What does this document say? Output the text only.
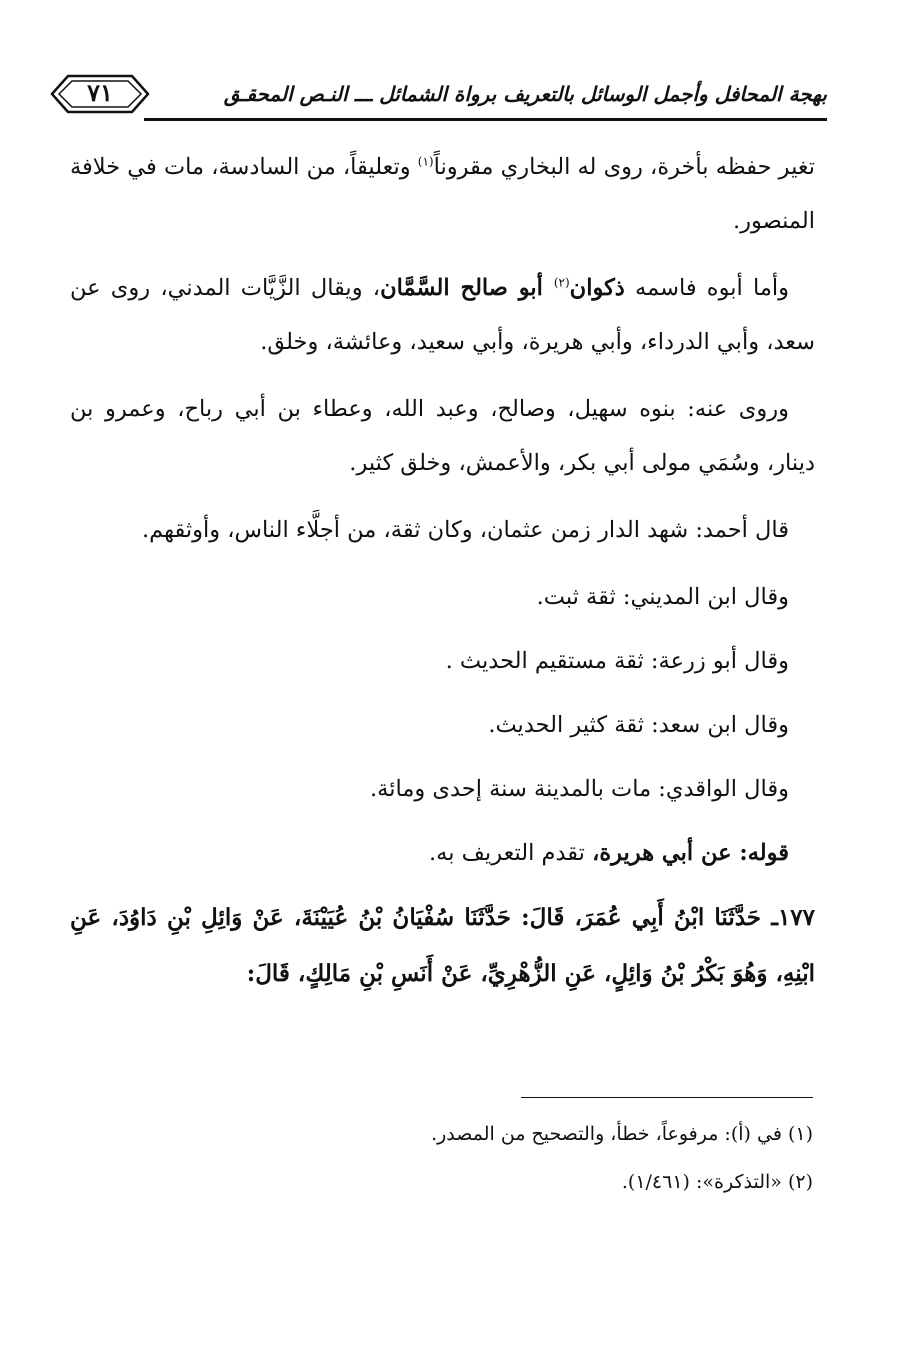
٧١	بهجة المحافل وأجمل الوسائل بالتعريف برواة الشمائل ـــ النـص المحقـق

تغير حفظه بأخرة، روى له البخاري مقروناً$^{(١)}$ وتعليقاً، من السادسة، مات في خلافة المنصور.

وأما أبوه فاسمه ذكوان$^{(٢)}$ أبو صالح السَّمَّان، ويقال الزَّيَّات المدني، روى عن سعد، وأبي الدرداء، وأبي هريرة، وأبي سعيد، وعائشة، وخلق.

وروى عنه: بنوه سهيل، وصالح، وعبد الله، وعطاء بن أبي رباح، وعمرو بن دينار، وسُمَي مولى أبي بكر، والأعمش، وخلق كثير.

قال أحمد: شهد الدار زمن عثمان، وكان ثقة، من أجلَّاء الناس، وأوثقهم.

وقال ابن المديني: ثقة ثبت.

وقال أبو زرعة: ثقة مستقيم الحديث .

وقال ابن سعد: ثقة كثير الحديث.

وقال الواقدي: مات بالمدينة سنة إحدى ومائة.

قوله: عن أبي هريرة، تقدم التعريف به.

١٧٧ـ حَدَّثَنَا ابْنُ أَبِي عُمَرَ، قَالَ: حَدَّثَنَا سُفْيَانُ بْنُ عُيَيْنَةَ، عَنْ وَائِلِ بْنِ دَاوُدَ، عَنِ ابْنِهِ، وَهُوَ بَكْرُ بْنُ وَائِلٍ، عَنِ الزُّهْرِيِّ، عَنْ أَنَسِ بْنِ مَالِكٍ، قَالَ:

(١) في (أ): مرفوعاً، خطأ، والتصحيح من المصدر.

(٢) «التذكرة»: (١/٤٦١).
